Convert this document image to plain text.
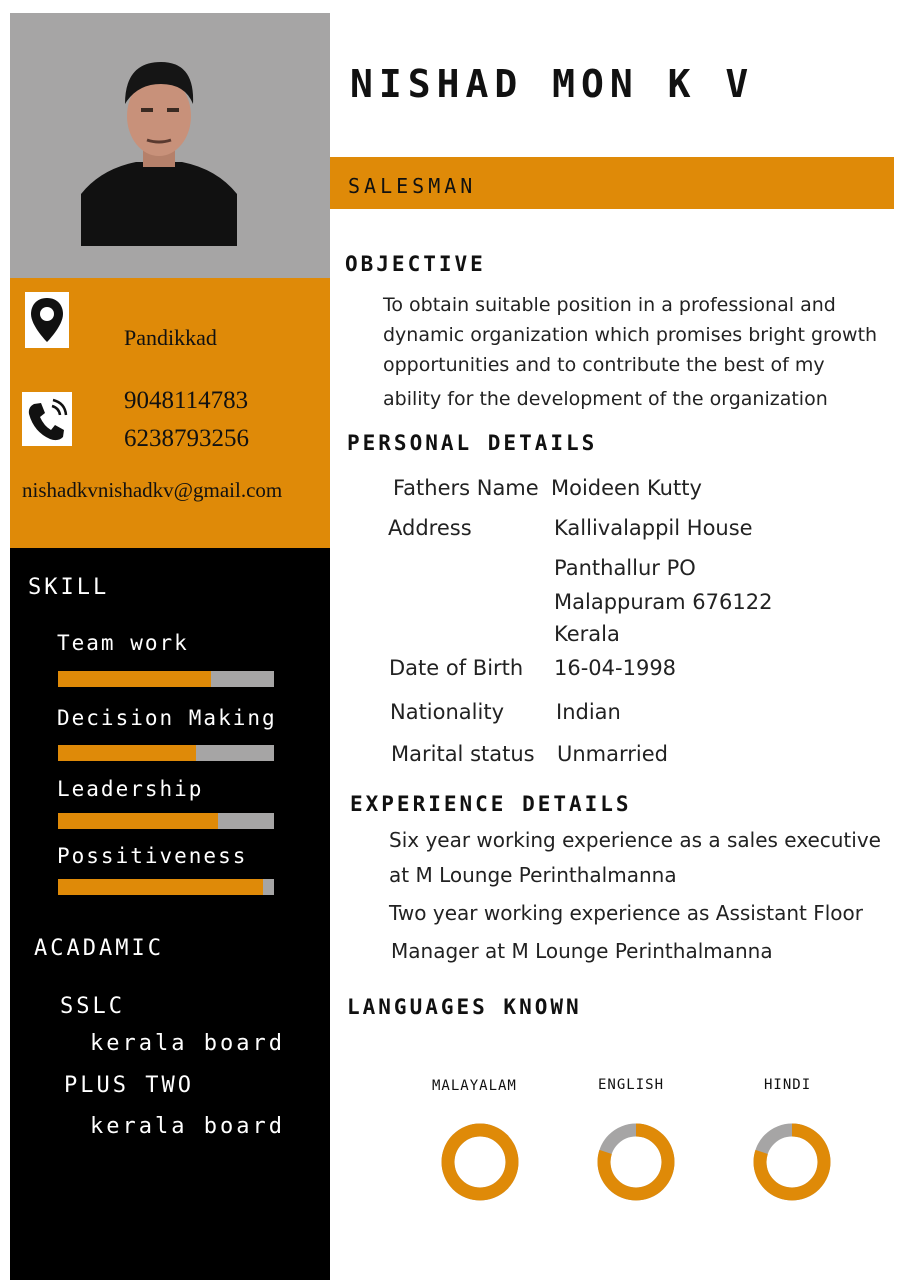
Pandikkad
9048114783
6238793256
nishadkvnishadkv@gmail.com
SKILL
Team work
Decision Making
Leadership
Possitiveness
ACADAMIC
SSLC
kerala board
PLUS TWO
kerala board
NISHAD MON K V
SALESMAN
OBJECTIVE
To obtain suitable position in a professional and
dynamic organization which promises bright growth
opportunities and to contribute the best of my
ability for the development of the organization
PERSONAL DETAILS
Fathers Name Moideen Kutty
Address	Kallivalappil House
Panthallur PO
Malappuram 676122
Kerala
Date of Birth 16-04-1998
Nationality Indian
Marital status Unmarried
EXPERIENCE DETAILS
Six year working experience as a sales executive
at M Lounge Perinthalmanna
Two year working experience as Assistant Floor
Manager at M Lounge Perinthalmanna
LANGUAGES KNOWN
MALAYALAM	ENGLISH	HINDI
